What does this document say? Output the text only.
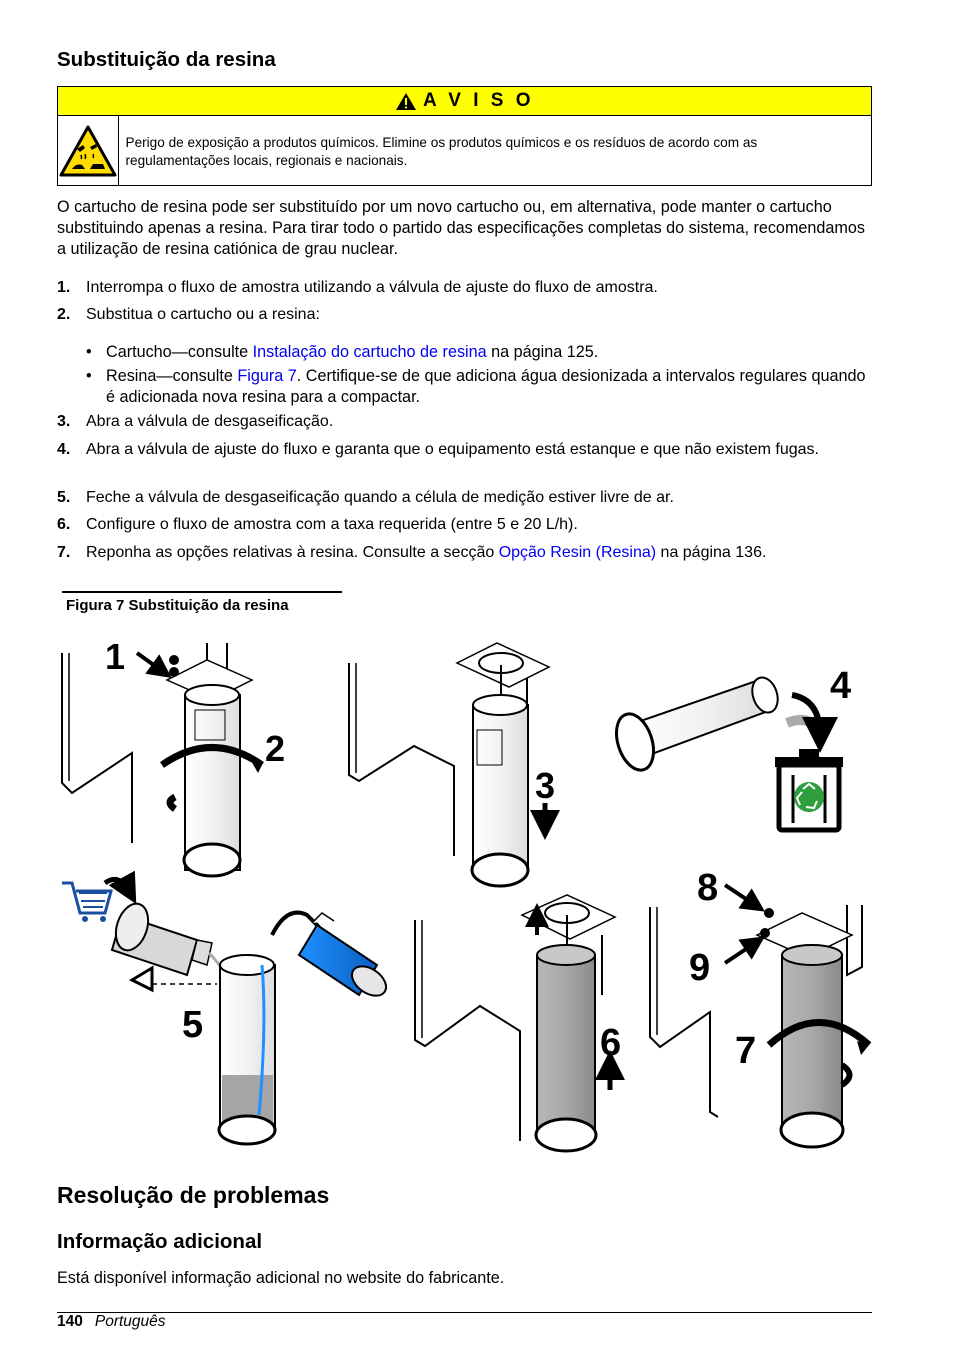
Substituição da resina
A V I S O
Perigo de exposição a produtos químicos. Elimine os produtos químicos e os resíduos de acordo com as regulamentações locais, regionais e nacionais.

O cartucho de resina pode ser substituído por um novo cartucho ou, em alternativa, pode manter o cartucho substituindo apenas a resina. Para tirar todo o partido das especificações completas do sistema, recomendamos a utilização de resina catiónica de grau nuclear.

1. Interrompa o fluxo de amostra utilizando a válvula de ajuste do fluxo de amostra.
2. Substitua o cartucho ou a resina:
• Cartucho—consulte Instalação do cartucho de resina na página 125.
• Resina—consulte Figura 7. Certifique-se de que adiciona água desionizada a intervalos regulares quando é adicionada nova resina para a compactar.
3. Abra a válvula de desgaseificação.
4. Abra a válvula de ajuste do fluxo e garanta que o equipamento está estanque e que não existem fugas.
5. Feche a válvula de desgaseificação quando a célula de medição estiver livre de ar.
6. Configure o fluxo de amostra com a taxa requerida (entre 5 e 20 L/h).
7. Reponha as opções relativas à resina. Consulte a secção Opção Resin (Resina) na página 136.
Figura 7 Substituição da resina
1
2
3
4
5	6
8
9
7
Resolução de problemas
Informação adicional

Está disponível informação adicional no website do fabricante.

140 Português
